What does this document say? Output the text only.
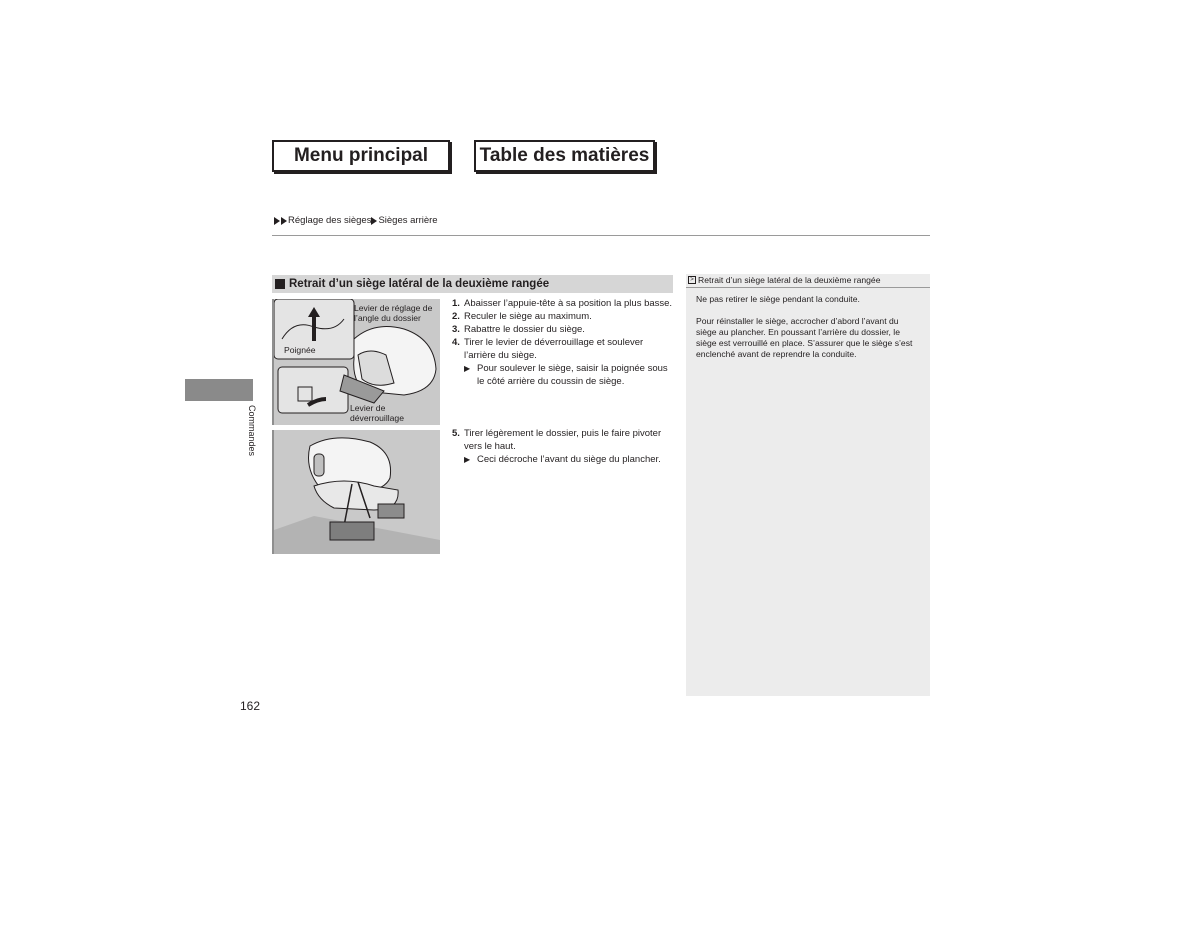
Menu principal	Table des matières
Réglage des sièges Sièges arrière
Commandes
162
Retrait d’un siège latéral de la deuxième rangée
Levier de réglage de l’angle du dossier
Poignée
Levier de déverrouillage
1. Abaisser l’appuie-tête à sa position la plus basse.
2. Reculer le siège au maximum.
3. Rabattre le dossier du siège.
4. Tirer le levier de déverrouillage et soulever l’arrière du siège.
▶ Pour soulever le siège, saisir la poignée sous le côté arrière du coussin de siège.
5. Tirer légèrement le dossier, puis le faire pivoter vers le haut.
▶ Ceci décroche l’avant du siège du plancher.
> Retrait d’un siège latéral de la deuxième rangée

Ne pas retirer le siège pendant la conduite.

Pour réinstaller le siège, accrocher d’abord l’avant du siège au plancher. En poussant l’arrière du dossier, le siège est verrouillé en place. S’assurer que le siège s’est enclenché avant de reprendre la conduite.
